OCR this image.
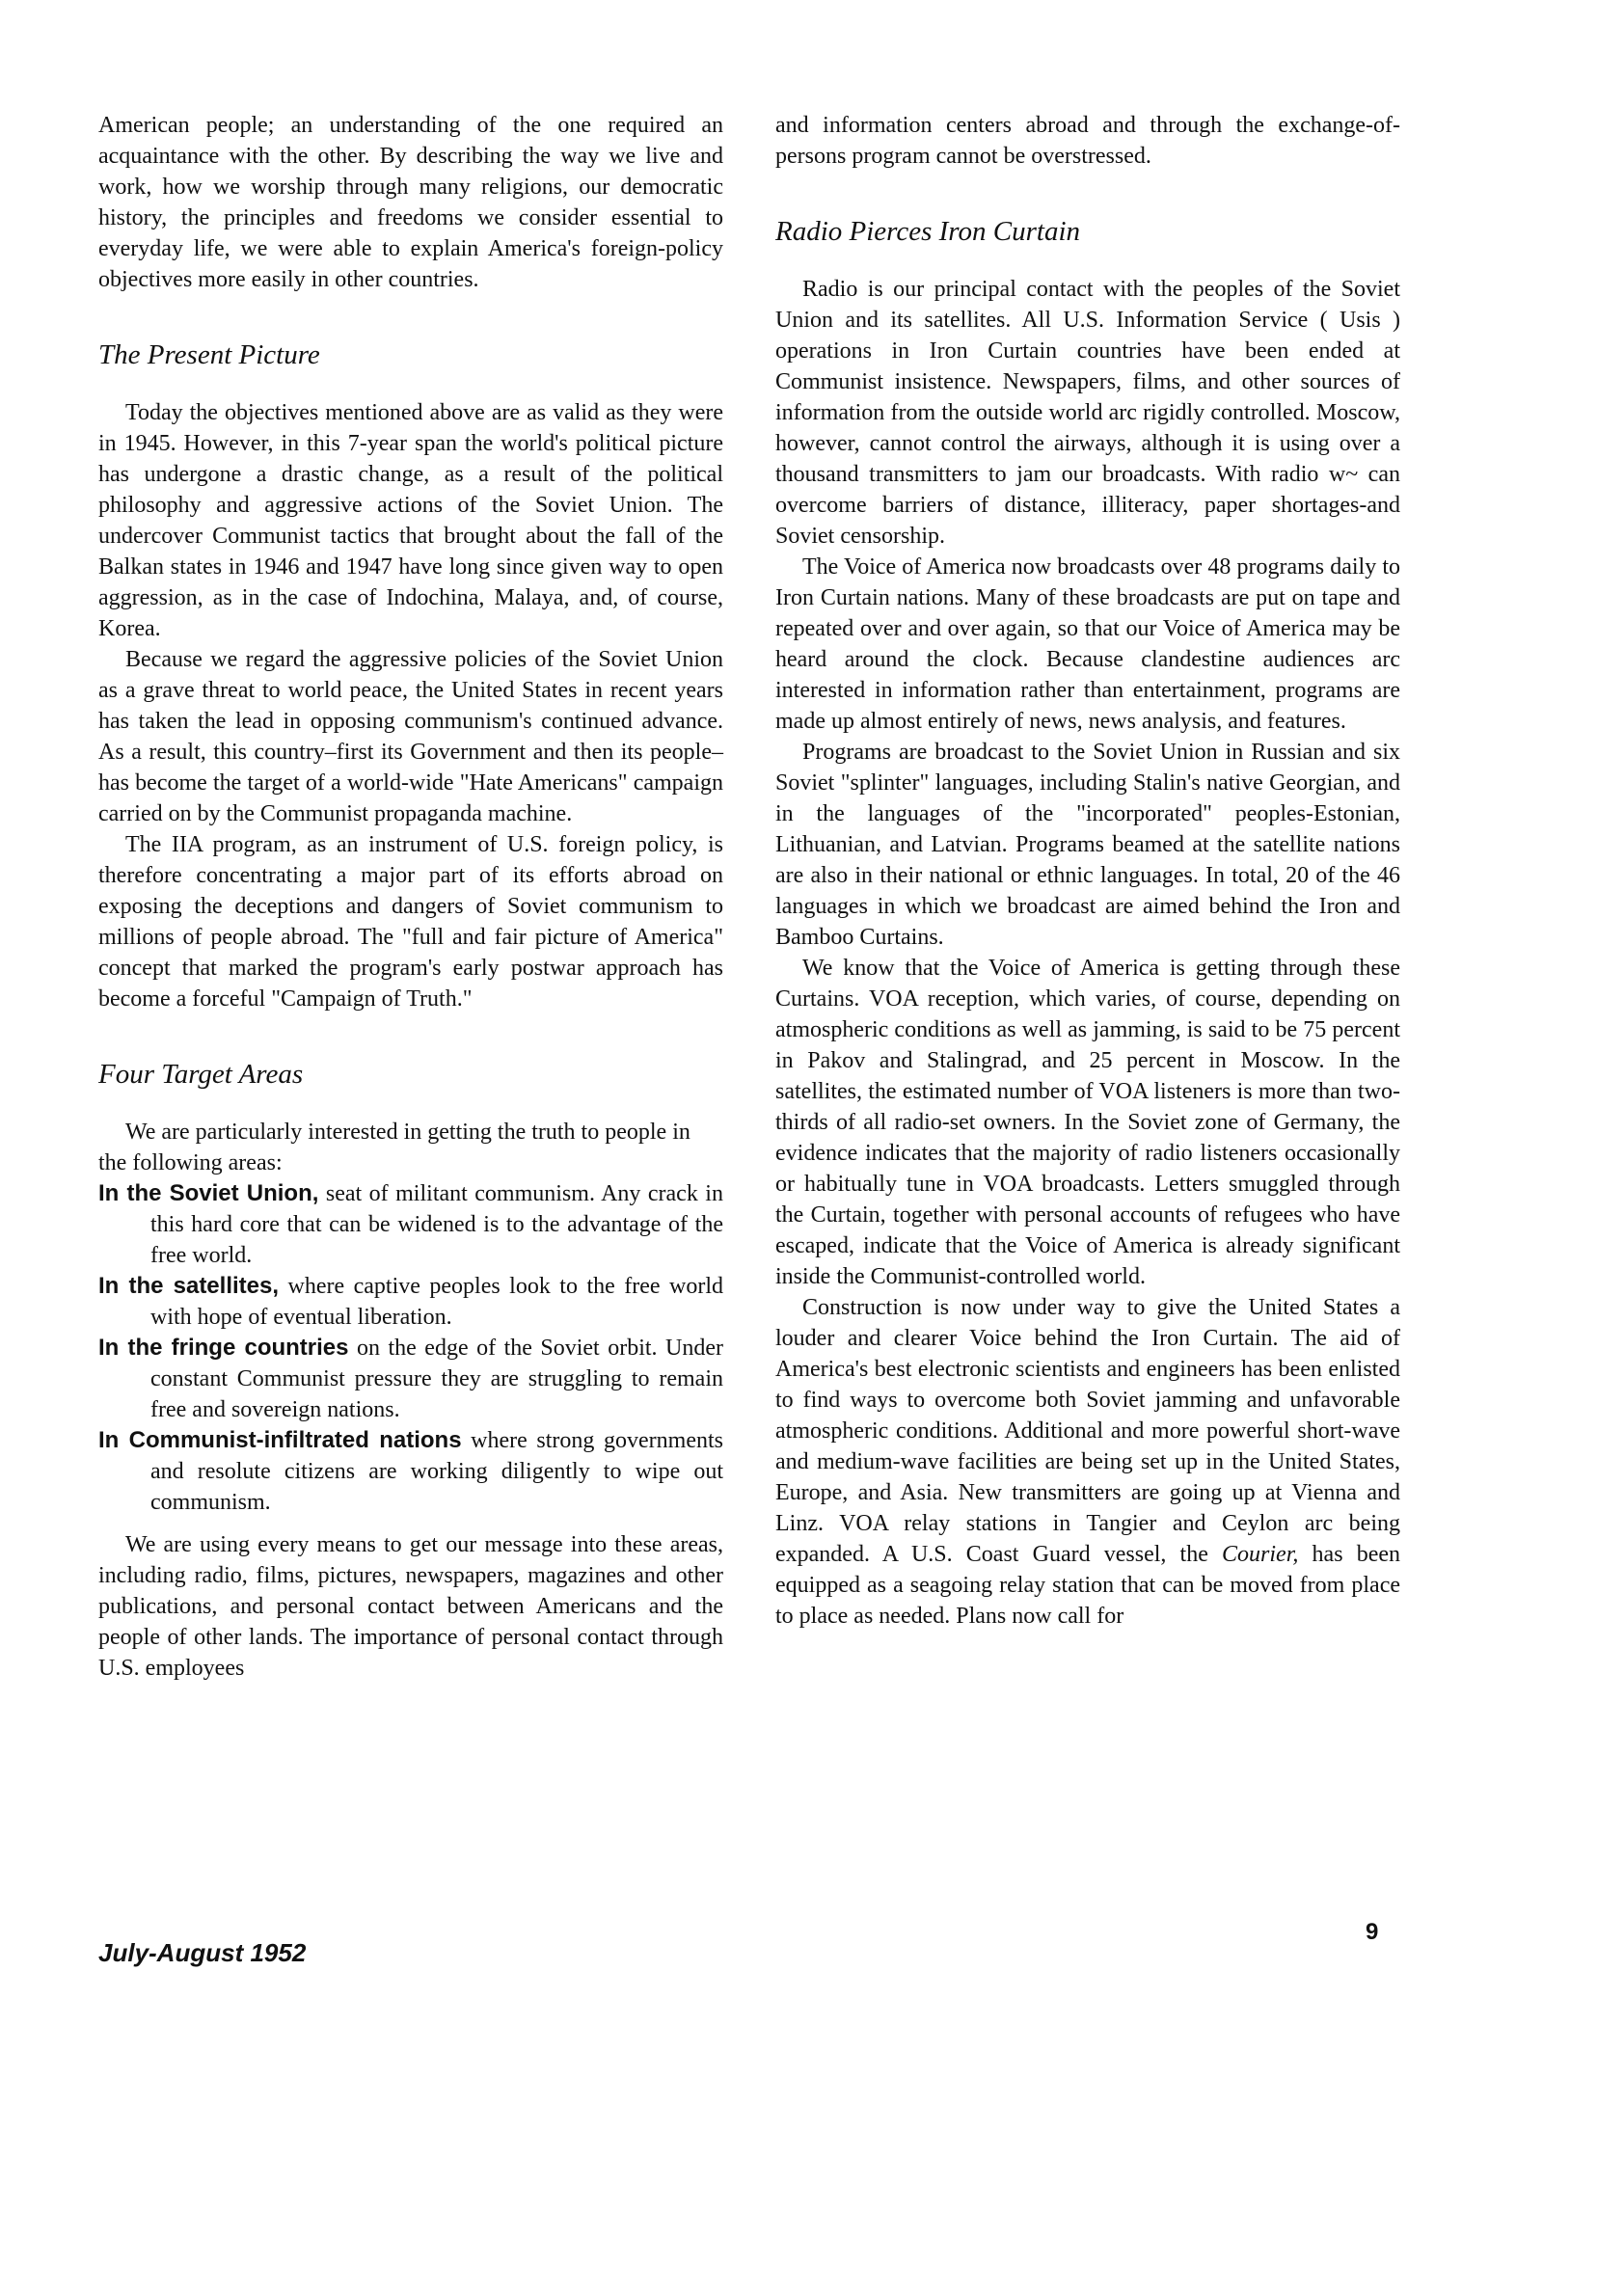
American people; an understanding of the one required an acquaintance with the other. By describing the way we live and work, how we worship through many religions, our democratic history, the principles and freedoms we consider essential to everyday life, we were able to explain America's foreign-policy objectives more easily in other countries.

The Present Picture

Today the objectives mentioned above are as valid as they were in 1945. However, in this 7-year span the world's political picture has undergone a drastic change, as a result of the political philosophy and aggressive actions of the Soviet Union. The undercover Communist tactics that brought about the fall of the Balkan states in 1946 and 1947 have long since given way to open aggression, as in the case of Indochina, Malaya, and, of course, Korea.

Because we regard the aggressive policies of the Soviet Union as a grave threat to world peace, the United States in recent years has taken the lead in opposing communism's continued advance. As a result, this country–first its Government and then its people–has become the target of a world-wide "Hate Americans" campaign carried on by the Communist propaganda machine.

The IIA program, as an instrument of U.S. foreign policy, is therefore concentrating a major part of its efforts abroad on exposing the deceptions and dangers of Soviet communism to millions of people abroad. The "full and fair picture of America" concept that marked the program's early postwar approach has become a forceful "Campaign of Truth."

Four Target Areas

We are particularly interested in getting the truth to people in the following areas:

In the Soviet Union, seat of militant communism. Any crack in this hard core that can be widened is to the advantage of the free world.

In the satellites, where captive peoples look to the free world with hope of eventual liberation.

In the fringe countries on the edge of the Soviet orbit. Under constant Communist pressure they are struggling to remain free and sovereign nations.

In Communist-infiltrated nations where strong governments and resolute citizens are working diligently to wipe out communism.

We are using every means to get our message into these areas, including radio, films, pictures, newspapers, magazines and other publications, and personal contact between Americans and the people of other lands. The importance of personal contact through U.S. employees

and information centers abroad and through the exchange-of-persons program cannot be overstressed.

Radio Pierces Iron Curtain

Radio is our principal contact with the peoples of the Soviet Union and its satellites. All U.S. Information Service ( Usis ) operations in Iron Curtain countries have been ended at Communist insistence. Newspapers, films, and other sources of information from the outside world arc rigidly controlled. Moscow, however, cannot control the airways, although it is using over a thousand transmitters to jam our broadcasts. With radio w~ can overcome barriers of distance, illiteracy, paper shortages-and Soviet censorship.

The Voice of America now broadcasts over 48 programs daily to Iron Curtain nations. Many of these broadcasts are put on tape and repeated over and over again, so that our Voice of America may be heard around the clock. Because clandestine audiences arc interested in information rather than entertainment, programs are made up almost entirely of news, news analysis, and features.

Programs are broadcast to the Soviet Union in Russian and six Soviet "splinter" languages, including Stalin's native Georgian, and in the languages of the "incorporated" peoples-Estonian, Lithuanian, and Latvian. Programs beamed at the satellite nations are also in their national or ethnic languages. In total, 20 of the 46 languages in which we broadcast are aimed behind the Iron and Bamboo Curtains.

We know that the Voice of America is getting through these Curtains. VOA reception, which varies, of course, depending on atmospheric conditions as well as jamming, is said to be 75 percent in Pakov and Stalingrad, and 25 percent in Moscow. In the satellites, the estimated number of VOA listeners is more than two-thirds of all radio-set owners. In the Soviet zone of Germany, the evidence indicates that the majority of radio listeners occasionally or habitually tune in VOA broadcasts. Letters smuggled through the Curtain, together with personal accounts of refugees who have escaped, indicate that the Voice of America is already significant inside the Communist-controlled world.

Construction is now under way to give the United States a louder and clearer Voice behind the Iron Curtain. The aid of America's best electronic scientists and engineers has been enlisted to find ways to overcome both Soviet jamming and unfavorable atmospheric conditions. Additional and more powerful short-wave and medium-wave facilities are being set up in the United States, Europe, and Asia. New transmitters are going up at Vienna and Linz. VOA relay stations in Tangier and Ceylon arc being expanded. A U.S. Coast Guard vessel, the Courier, has been equipped as a seagoing relay station that can be moved from place to place as needed. Plans now call for

July-August 1952
9
